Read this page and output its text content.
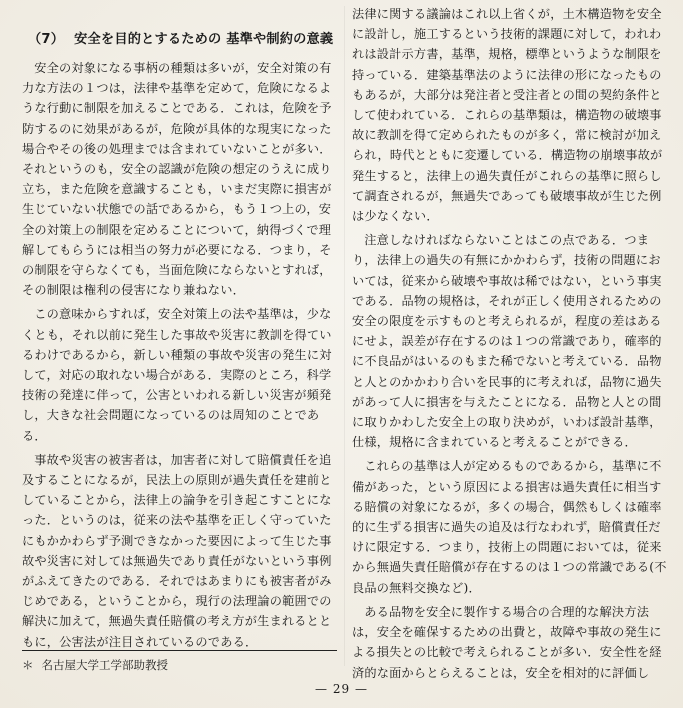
（7） 安全を目的とするための 基準や制約の意義

安全の対象になる事柄の種類は多いが，安全対策の有力な方法の１つは，法律や基準を定めて，危険になるような行動に制限を加えることである．これは，危険を予防するのに効果があるが，危険が具体的な現実になった場合やその後の処理までは含まれていないことが多い．それというのも，安全の認識が危険の想定のうえに成り立ち，また危険を意識することも，いまだ実際に損害が生じていない状態での話であるから，もう１つ上の，安全の対策上の制限を定めることについて，納得づくで理解してもらうには相当の努力が必要になる．つまり，その制限を守らなくても，当面危険にならないとすれば，その制限は権利の侵害になり兼ねない．

この意味からすれば，安全対策上の法や基準は，少なくとも，それ以前に発生した事故や災害に教訓を得ているわけであるから，新しい種類の事故や災害の発生に対して，対応の取れない場合がある．実際のところ，科学技術の発達に伴って，公害といわれる新しい災害が頻発し，大きな社会問題になっているのは周知のことである．

事故や災害の被害者は，加害者に対して賠償責任を追及することになるが，民法上の原則が過失責任を建前としていることから，法律上の論争を引き起こすことになった．というのは，従来の法や基準を正しく守っていたにもかかわらず予測できなかった要因によって生じた事故や災害に対しては無過失であり責任がないという事例がふえてきたのである．それではあまりにも被害者がみじめである，ということから，現行の法理論の範囲での解決に加えて，無過失責任賠償の考え方が生まれるとともに，公害法が注目されているのである．

法律に関する議論はこれ以上省くが，土木構造物を安全に設計し，施工するという技術的課題に対して，われわれは設計示方書，基準，規格，標準というような制限を持っている．建築基準法のように法律の形になったものもあるが，大部分は発注者と受注者との間の契約条件として使われている．これらの基準類は，構造物の破壊事故に教訓を得て定められたものが多く，常に検討が加えられ，時代とともに変遷している．構造物の崩壊事故が発生すると，法律上の過失責任がこれらの基準に照らして調査されるが，無過失であっても破壊事故が生じた例は少なくない．

注意しなければならないことはこの点である．つまり，法律上の過失の有無にかかわらず，技術の問題においては，従来から破壊や事故は稀ではない，という事実である．品物の規格は，それが正しく使用されるための安全の限度を示すものと考えられるが，程度の差はあるにせよ，誤差が存在するのは１つの常識であり，確率的に不良品がはいるのもまた稀でないと考えている．品物と人とのかかわり合いを民事的に考えれば，品物に過失があって人に損害を与えたことになる．品物と人との間に取りかわした安全上の取り決めが，いわば設計基準，仕様，規格に含まれていると考えることができる．

これらの基準は人が定めるものであるから，基準に不備があった，という原因による損害は過失責任に相当する賠償の対象になるが，多くの場合，偶然もしくは確率的に生ずる損害に過失の追及は行なわれず，賠償責任だけに限定する．つまり，技術上の問題においては，従来から無過失責任賠償が存在するのは１つの常識である(不良品の無料交換など)．

ある品物を安全に製作する場合の合理的な解決方法は，安全を確保するための出費と，故障や事故の発生による損失との比較で考えられることが多い．安全性を経済的な面からとらえることは，安全を相対的に評価し

＊ 名古屋大学工学部助教授
— 29 —
